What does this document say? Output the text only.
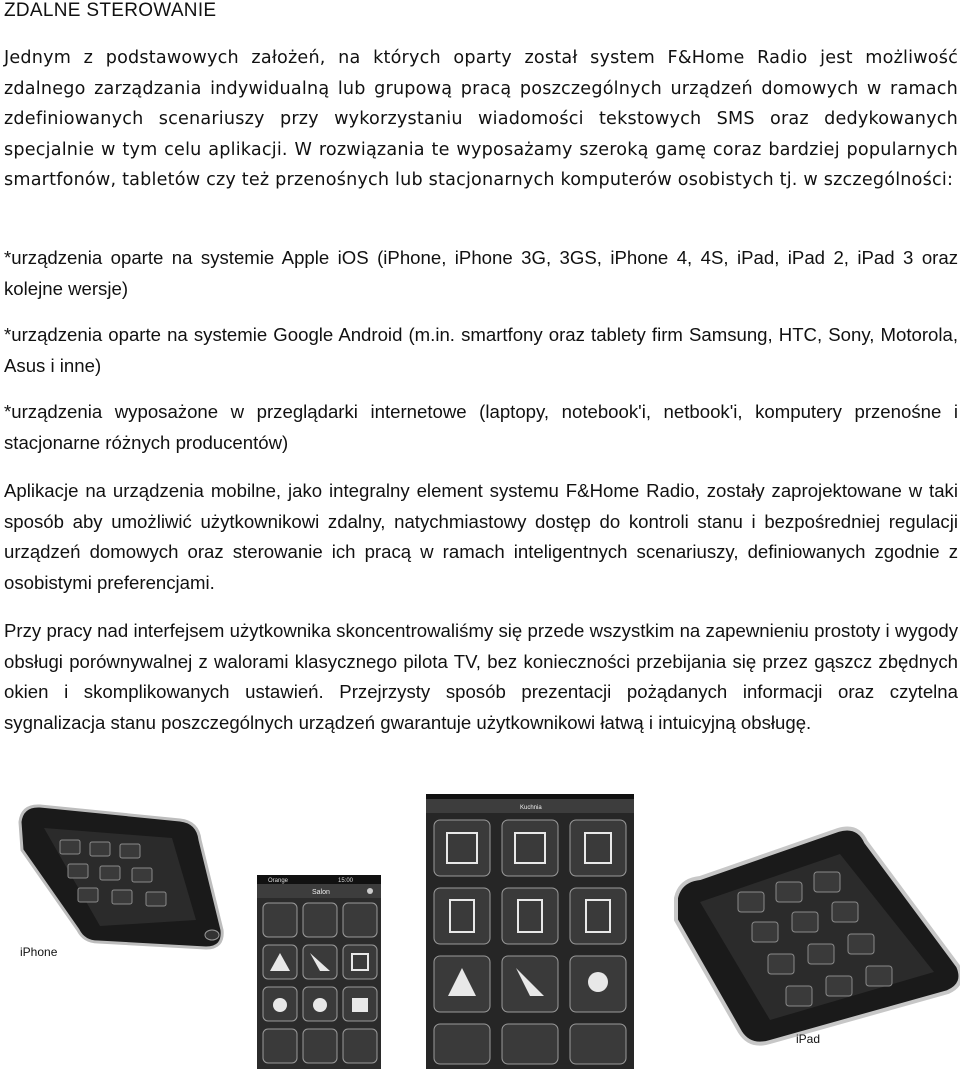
ZDALNE STEROWANIE

Jednym z podstawowych założeń, na których oparty został system F&Home Radio jest możliwość zdalnego zarządzania indywidualną lub grupową pracą poszczególnych urządzeń domowych w ramach zdefiniowanych scenariuszy przy wykorzystaniu wiadomości tekstowych SMS oraz dedykowanych specjalnie w tym celu aplikacji. W rozwiązania te wyposażamy szeroką gamę coraz bardziej popularnych smartfonów, tabletów czy też przenośnych lub stacjonarnych komputerów osobistych tj. w szczególności:

*urządzenia oparte na systemie Apple iOS (iPhone, iPhone 3G, 3GS, iPhone 4, 4S, iPad, iPad 2, iPad 3 oraz kolejne wersje)

*urządzenia oparte na systemie Google Android (m.in. smartfony oraz tablety firm Samsung, HTC, Sony, Motorola, Asus i inne)

*urządzenia wyposażone w przeglądarki internetowe (laptopy, notebook'i, netbook'i, komputery przenośne i stacjonarne różnych producentów)

Aplikacje na urządzenia mobilne, jako integralny element systemu F&Home Radio, zostały zaprojektowane w taki sposób aby umożliwić użytkownikowi zdalny, natychmiastowy dostęp do kontroli stanu i bezpośredniej regulacji urządzeń domowych oraz sterowanie ich pracą w ramach inteligentnych scenariuszy, definiowanych zgodnie z osobistymi preferencjami.

Przy pracy nad interfejsem użytkownika skoncentrowaliśmy się przede wszystkim na zapewnieniu prostoty i wygody obsługi porównywalnej z walorami klasycznego pilota TV, bez konieczności przebijania się przez gąszcz zbędnych okien i skomplikowanych ustawień. Przejrzysty sposób prezentacji pożądanych informacji oraz czytelna sygnalizacja stanu poszczególnych urządzeń gwarantuje użytkownikowi łatwą i intuicyjną obsługę.

Orange	15:00
Salon
Kuchnia
iPhone
iPad
